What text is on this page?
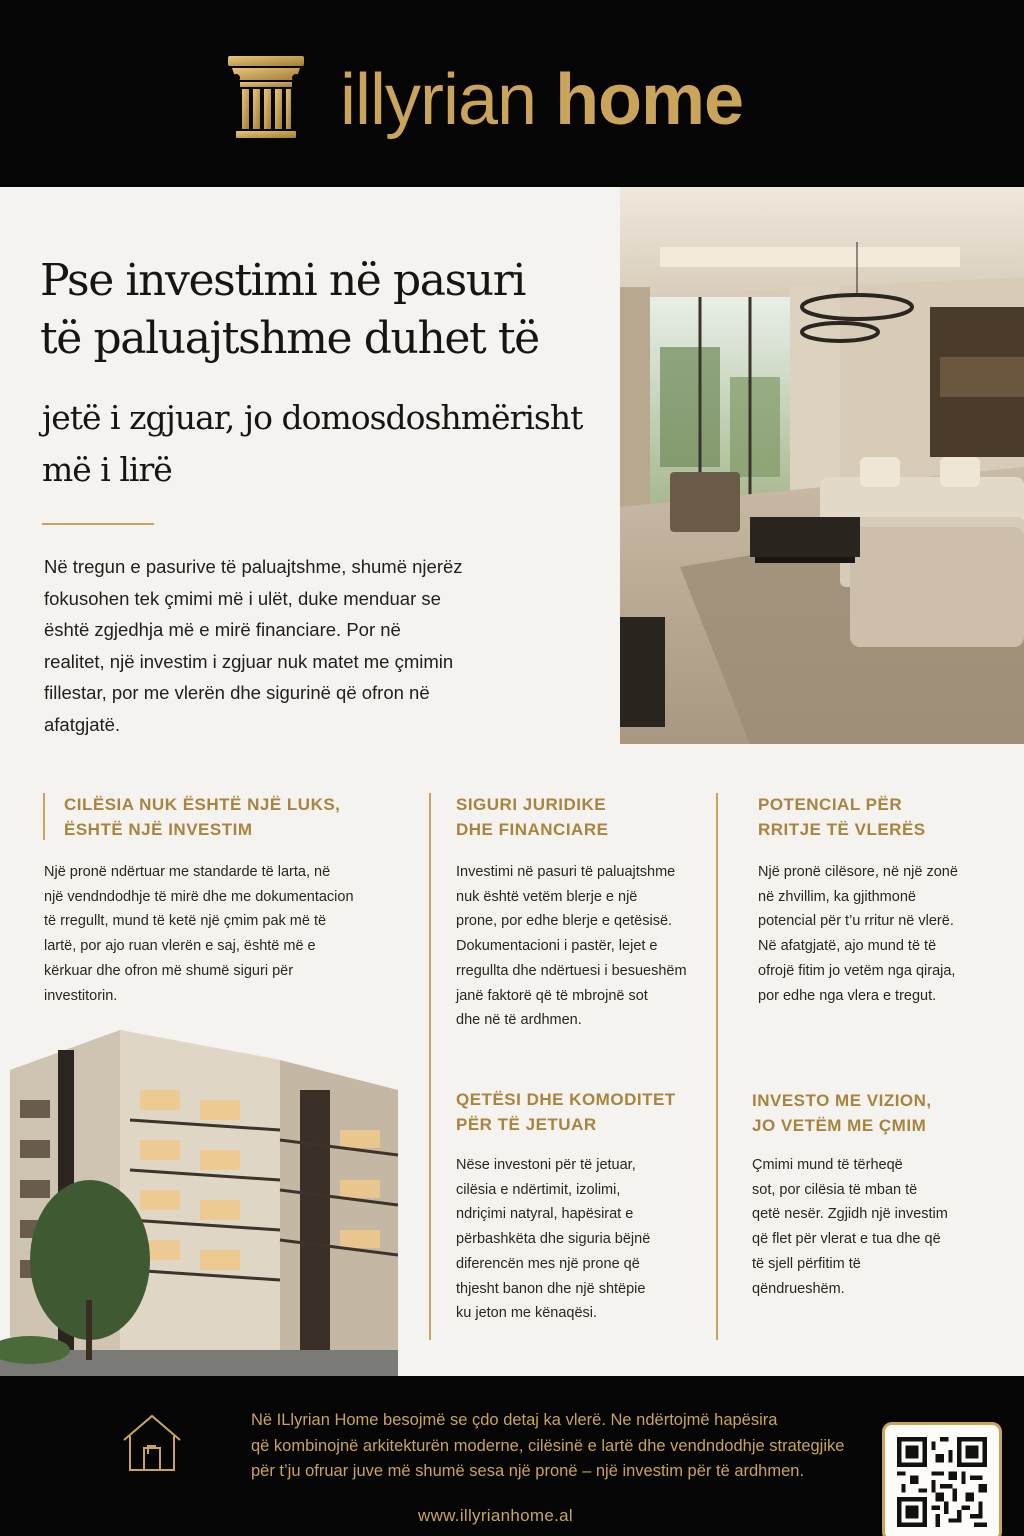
illyrian home
Pse investimi në pasuri
të paluajtshme duhet të
jetë i zgjuar, jo domosdoshmërisht
më i lirë
Në tregun e pasurive të paluajtshme, shumë njerëz
fokusohen tek çmimi më i ulët, duke menduar se
është zgjedhja më e mirë financiare. Por në
realitet, një investim i zgjuar nuk matet me çmimin
fillestar, por me vlerën dhe sigurinë që ofron në
afatgjatë.
CILËSIA NUK ËSHTË NJË LUKS,
ËSHTË NJË INVESTIM
Një pronë ndërtuar me standarde të larta, në
një vendndodhje të mirë dhe me dokumentacion
të rregullt, mund të ketë një çmim pak më të
lartë, por ajo ruan vlerën e saj, është më e
kërkuar dhe ofron më shumë siguri për
investitorin.
SIGURI JURIDIKE
DHE FINANCIARE
Investimi në pasuri të paluajtshme
nuk është vetëm blerje e një
prone, por edhe blerje e qetësisë.
Dokumentacioni i pastër, lejet e
rregullta dhe ndërtuesi i besueshëm
janë faktorë që të mbrojnë sot
dhe në të ardhmen.
POTENCIAL PËR
RRITJE TË VLERËS
Një pronë cilësore, në një zonë
në zhvillim, ka gjithmonë
potencial për t’u rritur në vlerë.
Në afatgjatë, ajo mund të të
ofrojë fitim jo vetëm nga qiraja,
por edhe nga vlera e tregut.
QETËSI DHE KOMODITET
PËR TË JETUAR
Nëse investoni për të jetuar,
cilësia e ndërtimit, izolimi,
ndriçimi natyral, hapësirat e
përbashkëta dhe siguria bëjnë
diferencën mes një prone që
thjesht banon dhe një shtëpie
ku jeton me kënaqësi.
INVESTO ME VIZION,
JO VETËM ME ÇMIM
Çmimi mund të tërheqë
sot, por cilësia të mban të
qetë nesër. Zgjidh një investim
që flet për vlerat e tua dhe që
të sjell përfitim të
qëndrueshëm.
Në ILlyrian Home besojmë se çdo detaj ka vlerë. Ne ndërtojmë hapësira
që kombinojnë arkitekturën moderne, cilësinë e lartë dhe vendndodhje strategjike
për t’ju ofruar juve më shumë sesa një pronë – një investim për të ardhmen.
www.illyrianhome.al
